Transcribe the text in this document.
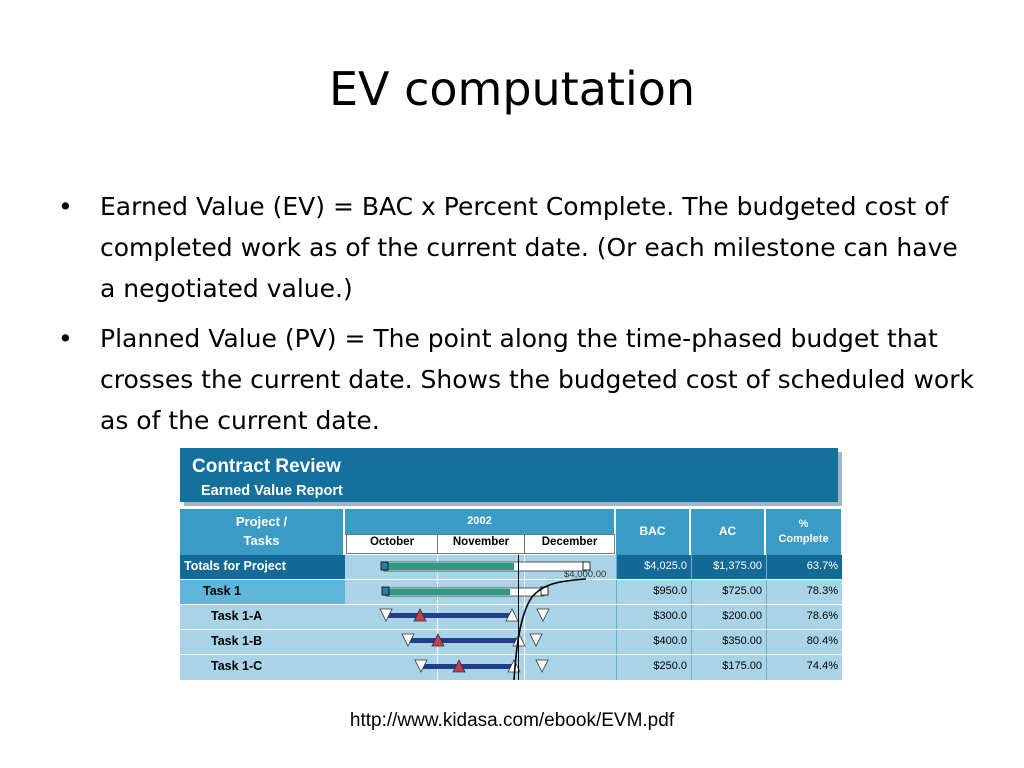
EV computation
• Earned Value (EV) = BAC x Percent Complete. The budgeted cost of completed work as of the current date. (Or each milestone can have a negotiated value.)
• Planned Value (PV) = The point along the time-phased budget that crosses the current date. Shows the budgeted cost of scheduled work as of the current date.
Contract Review
Earned Value Report
Project /
Tasks
2002
October	November	December
BAC	AC	%
Complete
Totals for Project	$4,025.0	$1,375.00	63.7%
Task 1	$950.0	$725.00	78.3%
Task 1-A	$300.0	$200.00	78.6%
Task 1-B	$400.0	$350.00	80.4%
Task 1-C	$250.0	$175.00	74.4%
$4,000.00
http://www.kidasa.com/ebook/EVM.pdf
